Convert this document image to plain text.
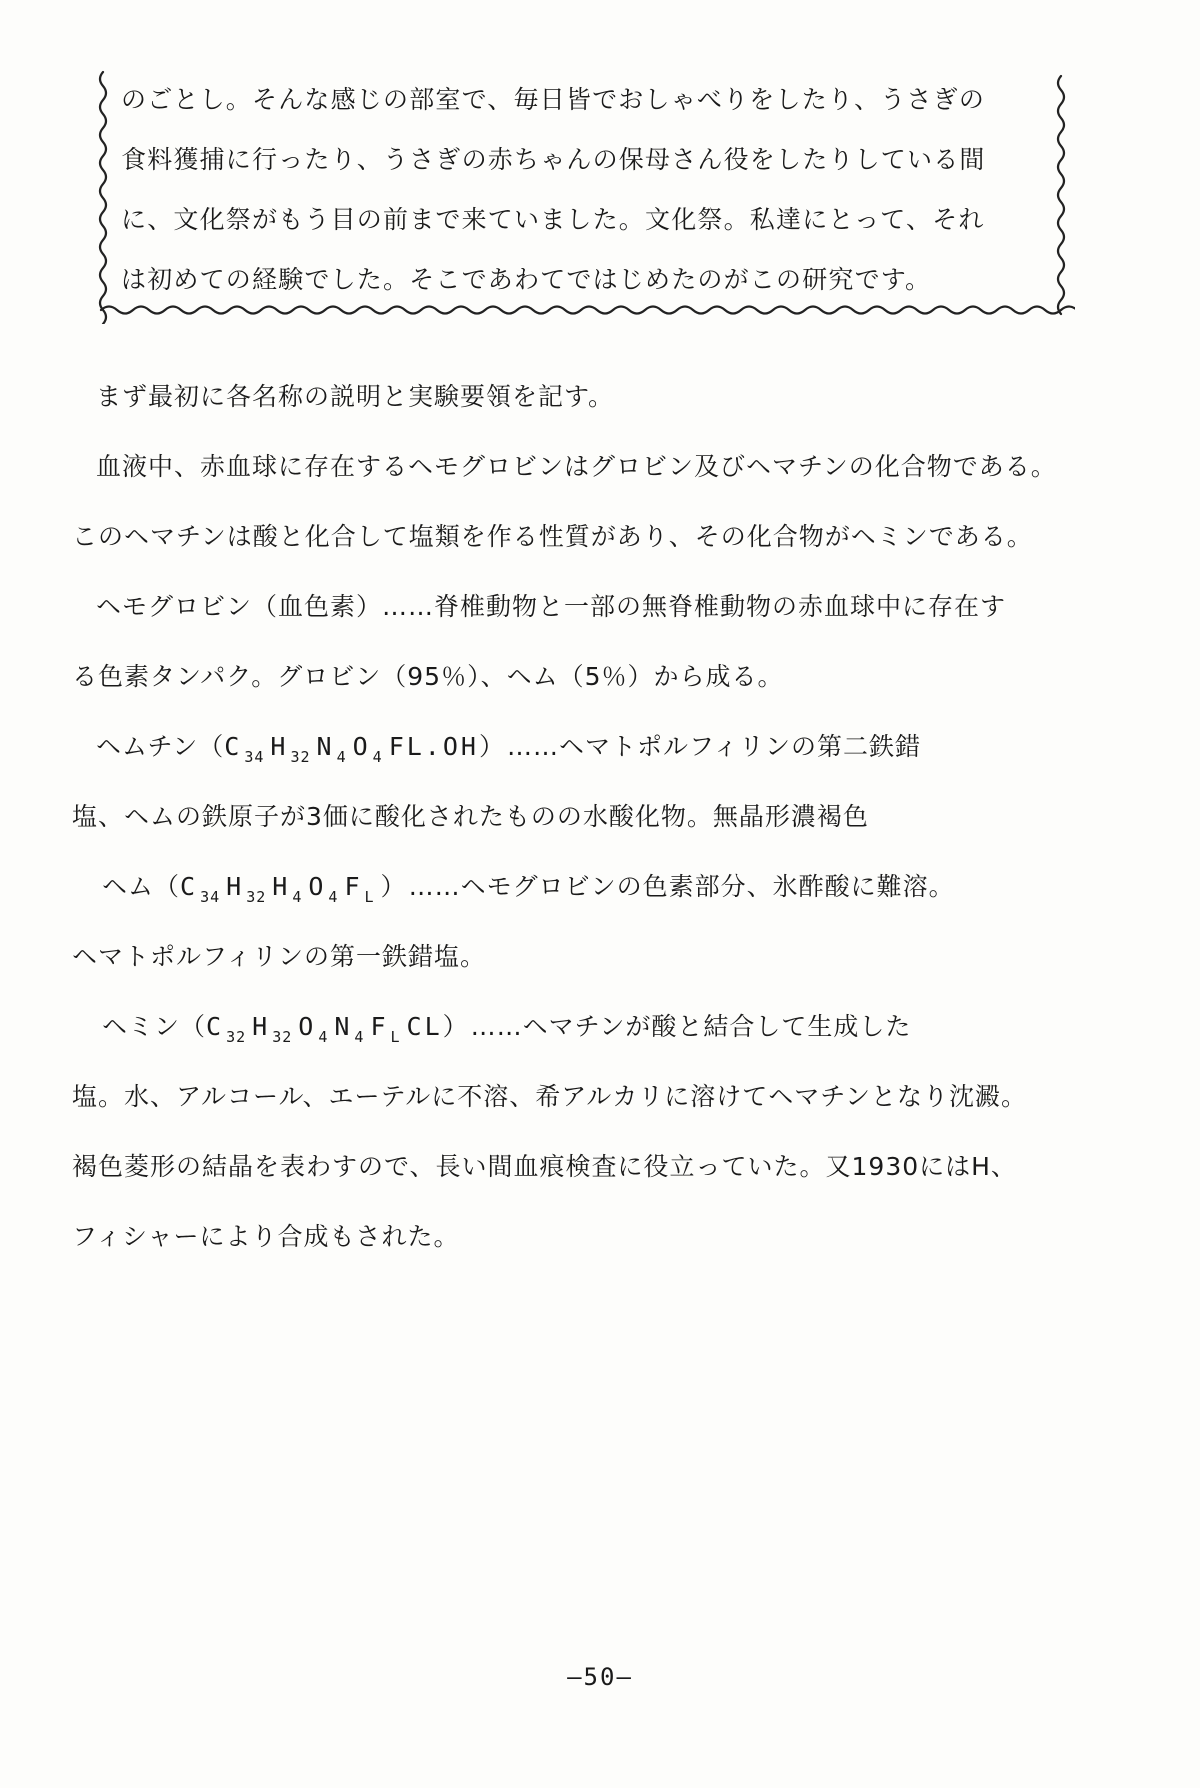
のごとし。そんな感じの部室で、毎日皆でおしゃべりをしたり、うさぎの
食料獲捕に行ったり、うさぎの赤ちゃんの保母さん役をしたりしている間
に、文化祭がもう目の前まで来ていました。文化祭。私達にとって、それ
は初めての経験でした。そこであわてではじめたのがこの研究です。
まず最初に各名称の説明と実験要領を記す。
血液中、赤血球に存在するヘモグロビンはグロビン及びヘマチンの化合物である。
このヘマチンは酸と化合して塩類を作る性質があり、その化合物がヘミンである。
ヘモグロビン（血色素）……脊椎動物と一部の無脊椎動物の赤血球中に存在す
る色素タンパク。グロビン（95％）、ヘム（5％）から成る。
ヘムチン（C $_{34}$ H $_{32}$ N $_4$ O $_4$ FL.OH）……ヘマトポルフィリンの第二鉄錯
塩、ヘムの鉄原子が3価に酸化されたものの水酸化物。無晶形濃褐色
ヘム（C $_{34}$ H $_{32}$ H $_4$ O $_4$ F $_L$ ）……ヘモグロビンの色素部分、氷酢酸に難溶。
ヘマトポルフィリンの第一鉄錯塩。
ヘミン（C $_{32}$ H $_{32}$ O $_4$ N $_4$ F $_L$ CL）……ヘマチンが酸と結合して生成した
塩。水、アルコール、エーテルに不溶、希アルカリに溶けてヘマチンとなり沈澱。
褐色菱形の結晶を表わすので、長い間血痕検査に役立っていた。又1930にはH、
フィシャーにより合成もされた。
—50—
